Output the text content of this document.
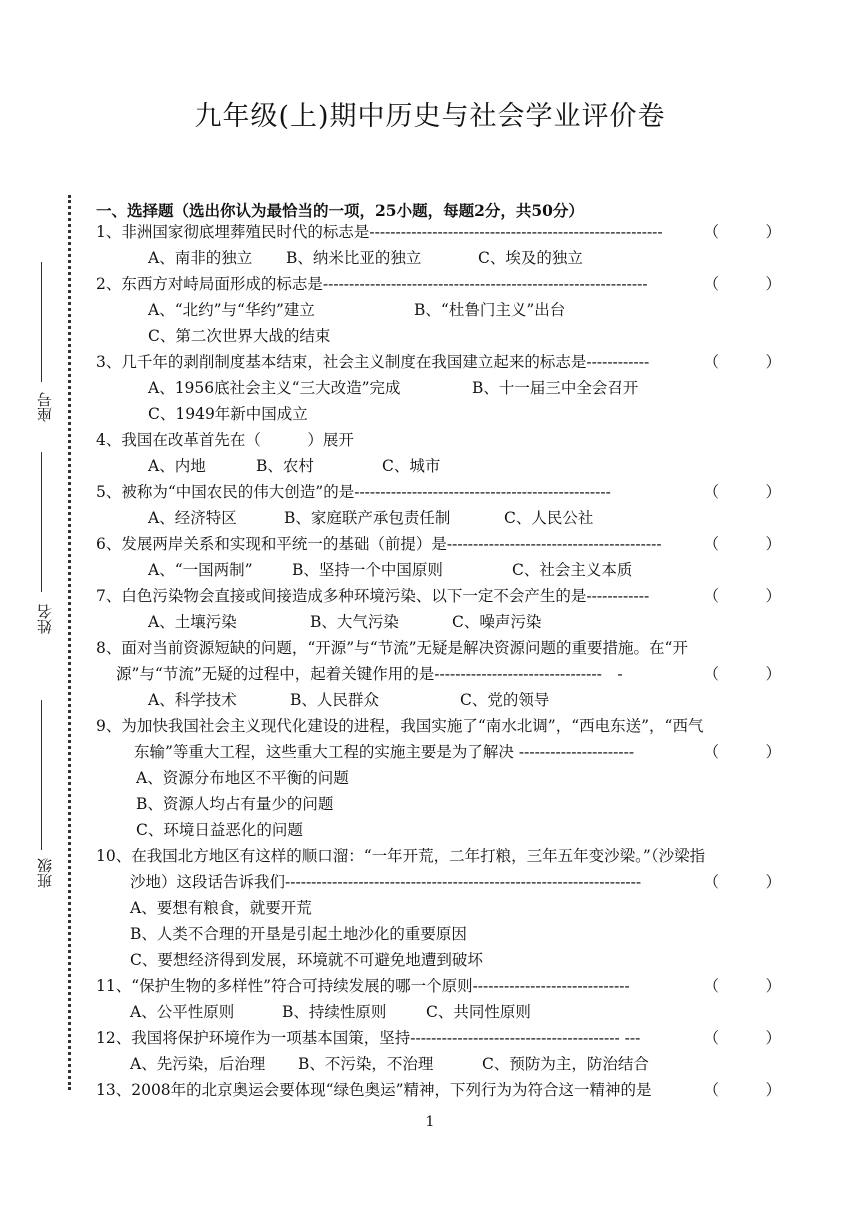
九年级(上)期中历史与社会学业评价卷
座号
姓名
班级
一、选择题（选出你认为最恰当的一项，25小题，每题2分，共50分）
1、非洲国家彻底埋葬殖民时代的标志是--------------------------------------------------------	（　　　）
A、南非的独立 B、纳米比亚的独立	C、埃及的独立
2、东西方对峙局面形成的标志是--------------------------------------------------------------	（　　　）
A、“北约”与“华约”建立	B、“杜鲁门主义”出台
C、第二次世界大战的结束
3、几千年的剥削制度基本结束，社会主义制度在我国建立起来的标志是------------	（　　　）
A、1956底社会主义“三大改造”完成	B、十一届三中全会召开
C、1949年新中国成立
4、我国在改革首先在（　　　）展开
A、内地	B、农村	C、城市
5、被称为“中国农民的伟大创造”的是-------------------------------------------------	（　　　）
A、经济特区	B、家庭联产承包责任制	C、人民公社
6、发展两岸关系和实现和平统一的基础（前提）是-----------------------------------------	（　　　）
A、“一国两制”	B、坚持一个中国原则	C、社会主义本质
7、白色污染物会直接或间接造成多种环境污染、以下一定不会产生的是------------	（　　　）
A、土壤污染	B、大气污染	C、噪声污染
8、面对当前资源短缺的问题，“开源”与“节流”无疑是解决资源问题的重要措施。在“开
源”与“节流”无疑的过程中，起着关键作用的是--------------------------------　-	（　　　）
A、科学技术	B、人民群众	C、党的领导
9、为加快我国社会主义现代化建设的进程，我国实施了“南水北调”，“西电东送”，“西气
东输”等重大工程，这些重大工程的实施主要是为了解决 ----------------------	（　　　）
A、资源分布地区不平衡的问题
B、资源人均占有量少的问题
C、环境日益恶化的问题
10、在我国北方地区有这样的顺口溜：“一年开荒，二年打粮，三年五年变沙梁。”（沙梁指
沙地）这段话告诉我们--------------------------------------------------------------------	（　　　）
A、要想有粮食，就要开荒
B、人类不合理的开垦是引起土地沙化的重要原因
C、要想经济得到发展，环境就不可避免地遭到破坏
11、“保护生物的多样性”符合可持续发展的哪一个原则------------------------------	（　　　）
A、公平性原则	B、持续性原则	C、共同性原则
12、我国将保护环境作为一项基本国策，坚持---------------------------------------- ---	（　　　）
A、先污染，后治理 B、不污染，不治理	C、预防为主，防治结合
13、2008年的北京奥运会要体现“绿色奥运”精神，下列行为为符合这一精神的是	（　　　）
1
